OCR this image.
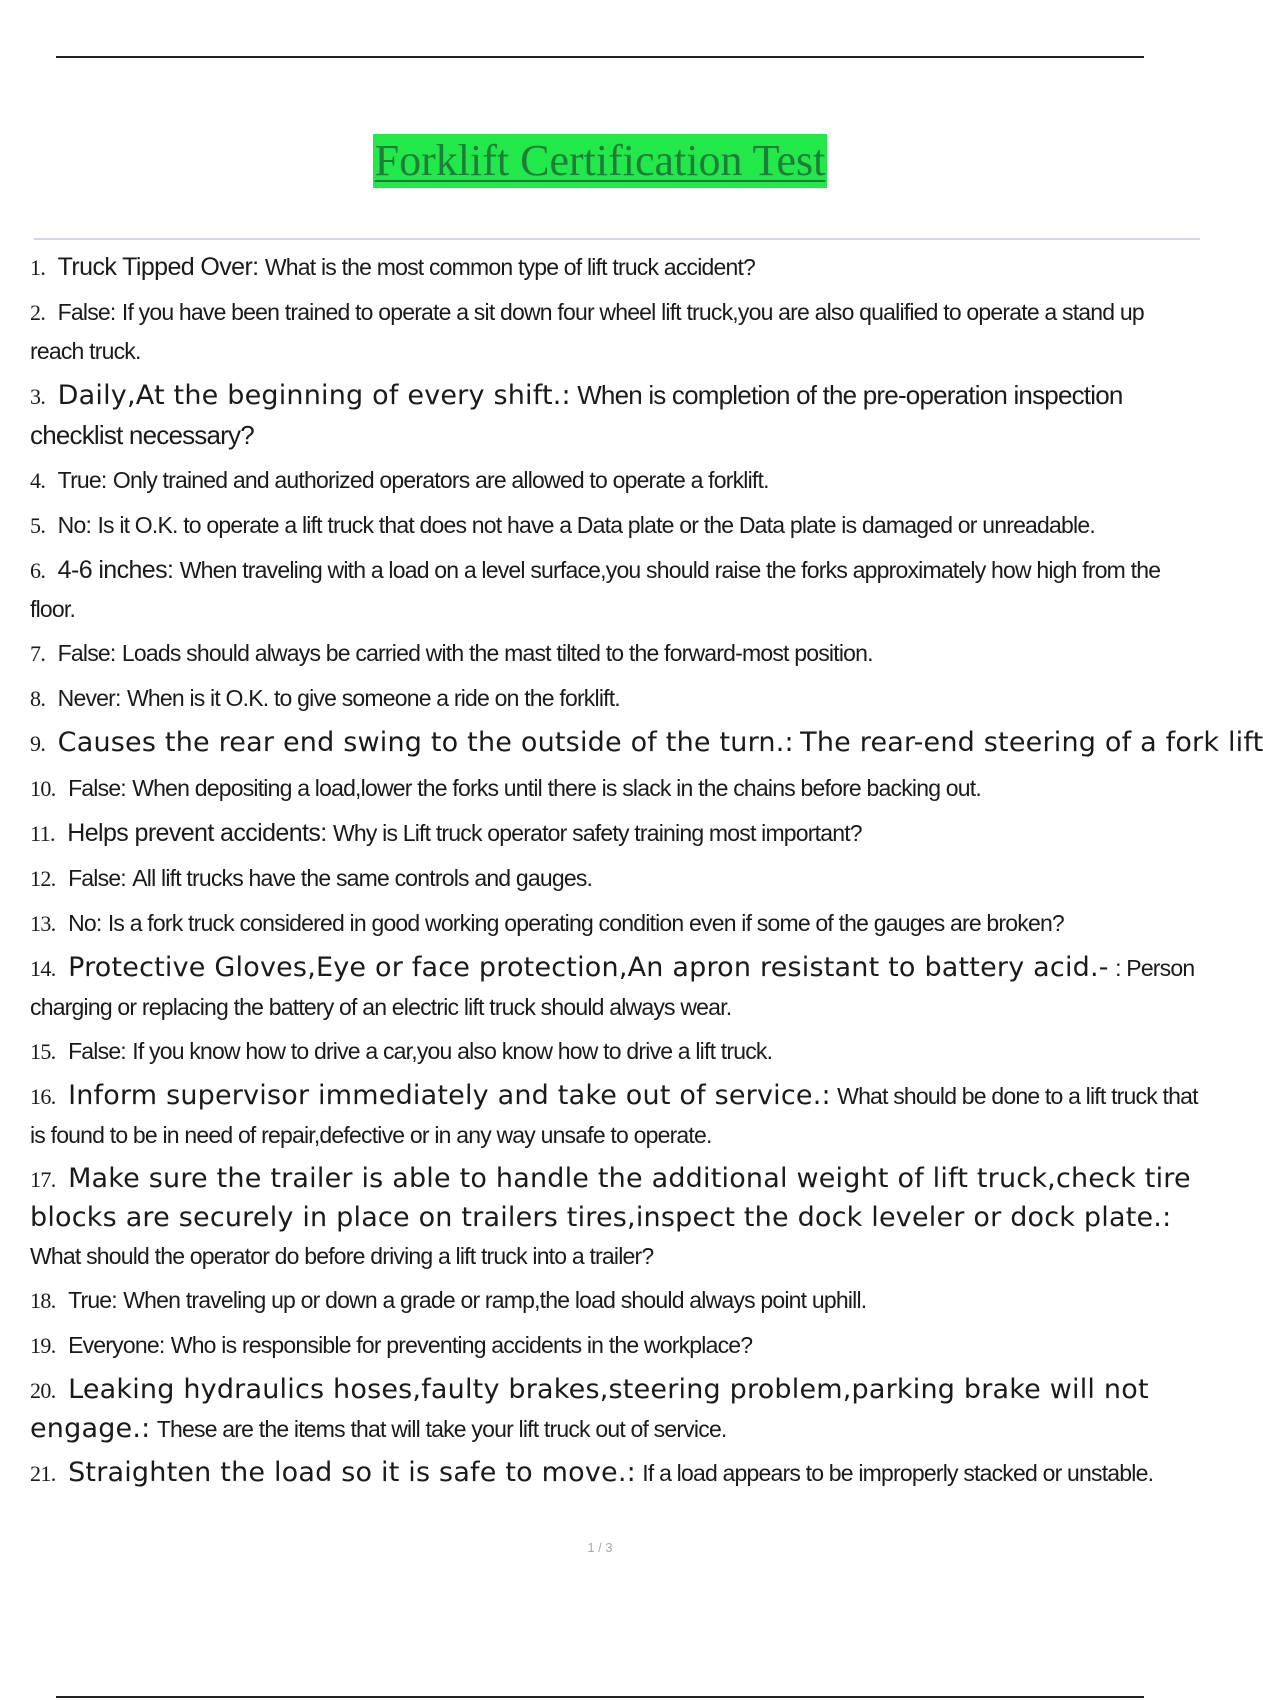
Forklift Certification Test
1. Truck Tipped Over: What is the most common type of lift truck accident?
2. False: If you have been trained to operate a sit down four wheel lift truck,you are also qualified to operate a stand up reach truck.
3. Daily,At the beginning of every shift.: When is completion of the pre-operation inspection checklist necessary?
4. True: Only trained and authorized operators are allowed to operate a forklift.
5. No: Is it O.K. to operate a lift truck that does not have a Data plate or the Data plate is damaged or unreadable.
6. 4-6 inches: When traveling with a load on a level surface,you should raise the forks approximately how high from the floor.
7. False: Loads should always be carried with the mast tilted to the forward-most position.
8. Never: When is it O.K. to give someone a ride on the forklift.
9. Causes the rear end swing to the outside of the turn.: The rear-end steering of a fork lift
10. False: When depositing a load,lower the forks until there is slack in the chains before backing out.
11. Helps prevent accidents: Why is Lift truck operator safety training most important?
12. False: All lift trucks have the same controls and gauges.
13. No: Is a fork truck considered in good working operating condition even if some of the gauges are broken?
14. Protective Gloves,Eye or face protection,An apron resistant to battery acid.- : Person charging or replacing the battery of an electric lift truck should always wear.
15. False: If you know how to drive a car,you also know how to drive a lift truck.
16. Inform supervisor immediately and take out of service.: What should be done to a lift truck that is found to be in need of repair,defective or in any way unsafe to operate.
17. Make sure the trailer is able to handle the additional weight of lift truck,check tire blocks are securely in place on trailers tires,inspect the dock leveler or dock plate.: What should the operator do before driving a lift truck into a trailer?
18. True: When traveling up or down a grade or ramp,the load should always point uphill.
19. Everyone: Who is responsible for preventing accidents in the workplace?
20. Leaking hydraulics hoses,faulty brakes,steering problem,parking brake will not engage.: These are the items that will take your lift truck out of service.
21. Straighten the load so it is safe to move.: If a load appears to be improperly stacked or unstable.
1 / 3
